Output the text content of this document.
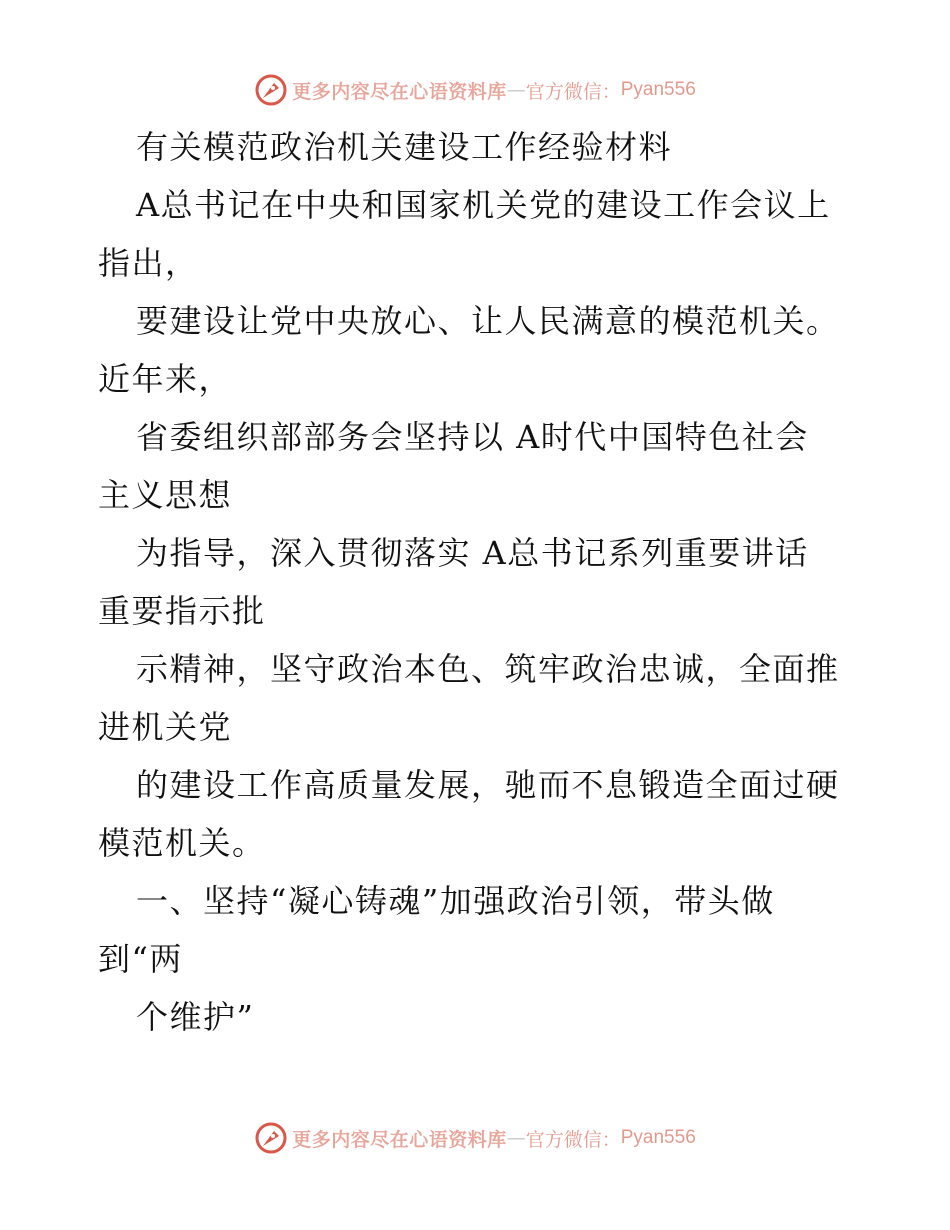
更多内容尽在心语资料库 — 官方微信： Pyan556
有关模范政治机关建设工作经验材料
A总书记在中央和国家机关党的建设工作会议上
指出，
要建设让党中央放心、让人民满意的模范机关。
近年来，
省委组织部部务会坚持以 A时代中国特色社会
主义思想
为指导，深入贯彻落实 A总书记系列重要讲话
重要指示批
示精神，坚守政治本色、筑牢政治忠诚，全面推
进机关党
的建设工作高质量发展，驰而不息锻造全面过硬
模范机关。
一、坚持“凝心铸魂”加强政治引领，带头做
到“两
个维护”
更多内容尽在心语资料库 — 官方微信： Pyan556
